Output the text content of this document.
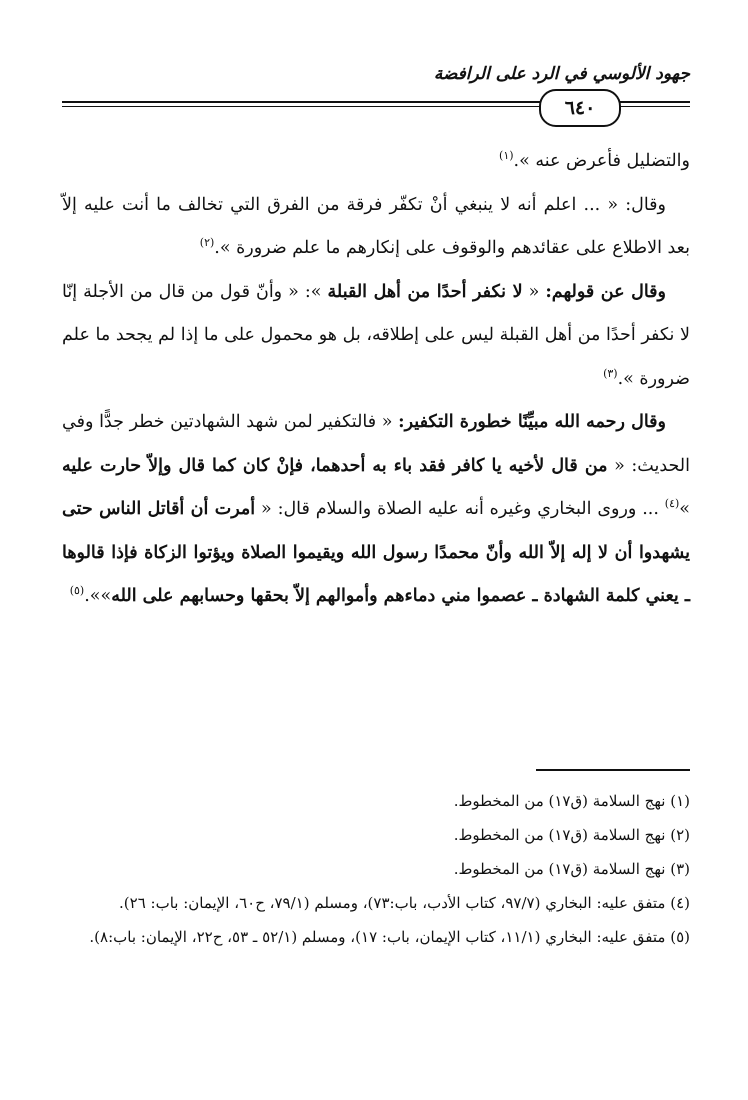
جهود الألوسي في الرد على الرافضة
٦٤٠

والتضليل فأعرض عنه ».$^{(١)}$

وقال: « ... اعلم أنه لا ينبغي أنْ تكفّر فرقة من الفرق التي تخالف ما أنت عليه إلاّ بعد الاطلاع على عقائدهم والوقوف على إنكارهم ما علم ضرورة ».$^{(٢)}$

وقال عن قولهم: « لا نكفر أحدًا من أهل القبلة »: « وأنّ قول من قال من الأجلة إنّا لا نكفر أحدًا من أهل القبلة ليس على إطلاقه، بل هو محمول على ما إذا لم يجحد ما علم ضرورة ».$^{(٣)}$

وقال رحمه الله مبيِّنًا خطورة التكفير: « فالتكفير لمن شهد الشهادتين خطر جدًّا وفي الحديث: « من قال لأخيه يا كافر فقد باء به أحدهما، فإنْ كان كما قال وإلاّ حارت عليه »$^{(٤)}$ ... وروى البخاري وغيره أنه عليه الصلاة والسلام قال: « أمرت أن أقاتل الناس حتى يشهدوا أن لا إله إلاّ الله وأنّ محمدًا رسول الله ويقيموا الصلاة ويؤتوا الزكاة فإذا قالوها ـ يعني كلمة الشهادة ـ عصموا مني دماءهم وأموالهم إلاّ بحقها وحسابهم على الله»».$^{(٥)}$

(١) نهج السلامة (ق١٧) من المخطوط.

(٢) نهج السلامة (ق١٧) من المخطوط.

(٣) نهج السلامة (ق١٧) من المخطوط.

(٤) متفق عليه: البخاري (٩٧/٧، كتاب الأدب، باب:٧٣)، ومسلم (٧٩/١، ح٦٠، الإيمان: باب: ٢٦).

(٥) متفق عليه: البخاري (١١/١، كتاب الإيمان، باب: ١٧)، ومسلم (٥٢/١ ـ ٥٣، ح٢٢، الإيمان: باب:٨).
